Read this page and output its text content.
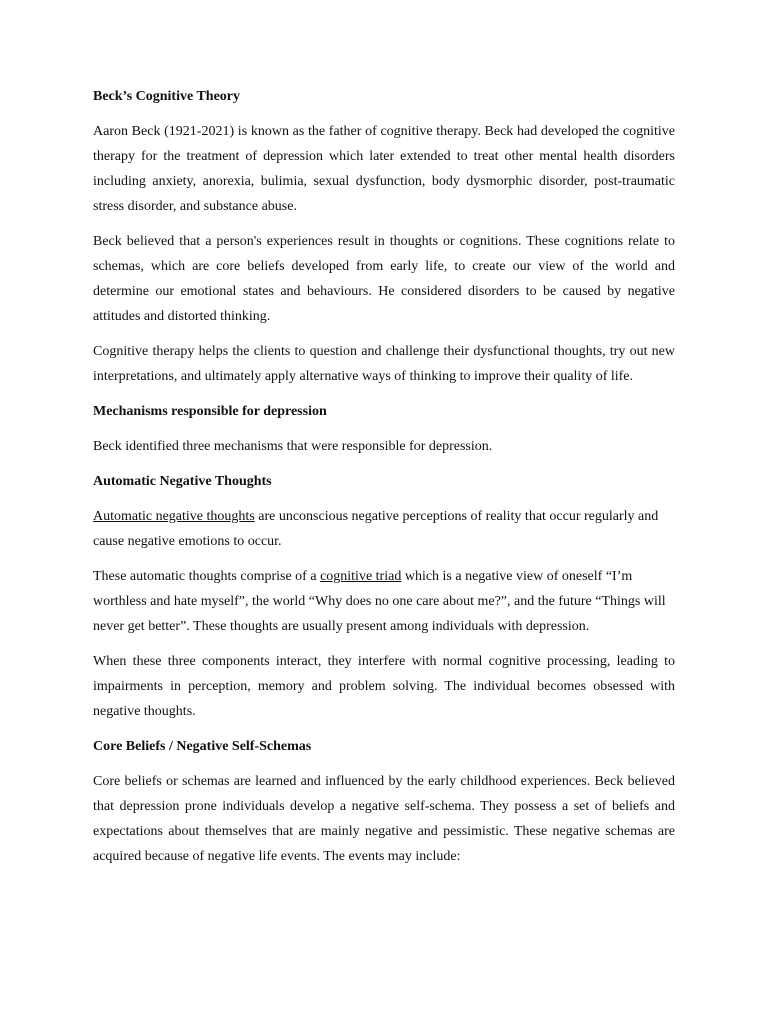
Beck’s Cognitive Theory

Aaron Beck (1921-2021) is known as the father of cognitive therapy. Beck had developed the cognitive therapy for the treatment of depression which later extended to treat other mental health disorders including anxiety, anorexia, bulimia, sexual dysfunction, body dysmorphic disorder, post-traumatic stress disorder, and substance abuse.

Beck believed that a person's experiences result in thoughts or cognitions. These cognitions relate to schemas, which are core beliefs developed from early life, to create our view of the world and determine our emotional states and behaviours. He considered disorders to be caused by negative attitudes and distorted thinking.

Cognitive therapy helps the clients to question and challenge their dysfunctional thoughts, try out new interpretations, and ultimately apply alternative ways of thinking to improve their quality of life.

Mechanisms responsible for depression

Beck identified three mechanisms that were responsible for depression.

Automatic Negative Thoughts

Automatic negative thoughts are unconscious negative perceptions of reality that occur regularly and cause negative emotions to occur.

These automatic thoughts comprise of a cognitive triad which is a negative view of oneself “I’m worthless and hate myself”, the world “Why does no one care about me?”, and the future “Things will never get better”. These thoughts are usually present among individuals with depression.

When these three components interact, they interfere with normal cognitive processing, leading to impairments in perception, memory and problem solving. The individual becomes obsessed with negative thoughts.

Core Beliefs / Negative Self-Schemas

Core beliefs or schemas are learned and influenced by the early childhood experiences. Beck believed that depression prone individuals develop a negative self-schema. They possess a set of beliefs and expectations about themselves that are mainly negative and pessimistic. These negative schemas are acquired because of negative life events. The events may include:
